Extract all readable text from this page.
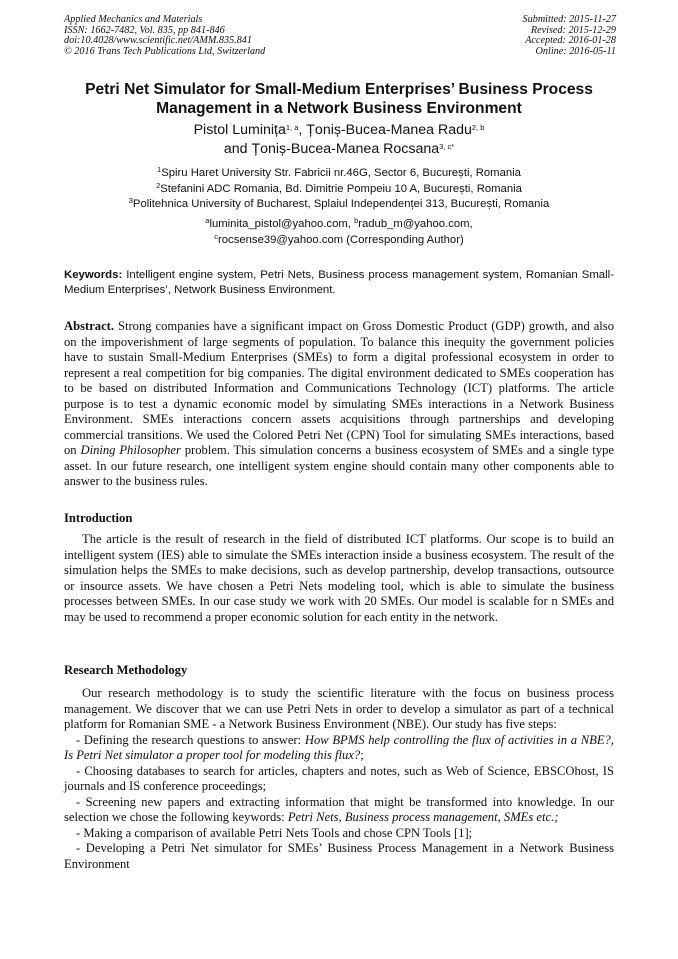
Applied Mechanics and Materials
ISSN: 1662-7482, Vol. 835, pp 841-846
doi:10.4028/www.scientific.net/AMM.835.841
© 2016 Trans Tech Publications Ltd, Switzerland
Submitted: 2015-11-27
Revised: 2015-12-29
Accepted: 2016-01-28
Online: 2016-05-11
Petri Net Simulator for Small-Medium Enterprises’ Business Process
Management in a Network Business Environment
Pistol Luminița$^{1, a}$, Țoniș-Bucea-Manea Radu$^{2, b}$
and Țoniș-Bucea-Manea Rocsana$^{3, c*}$
$^1$Spiru Haret University Str. Fabricii nr.46G, Sector 6, București, Romania
$^2$Stefanini ADC Romania, Bd. Dimitrie Pompeiu 10 A, București, Romania
$^3$Politehnica University of Bucharest, Splaiul Independenței 313, București, Romania
$^a$luminita_pistol@yahoo.com, $^b$radub_m@yahoo.com,
$^c$rocsense39@yahoo.com (Corresponding Author)
Keywords: Intelligent engine system, Petri Nets, Business process management system, Romanian Small-Medium Enterprises’, Network Business Environment.
Abstract. Strong companies have a significant impact on Gross Domestic Product (GDP) growth, and also on the impoverishment of large segments of population. To balance this inequity the government policies have to sustain Small-Medium Enterprises (SMEs) to form a digital professional ecosystem in order to represent a real competition for big companies. The digital environment dedicated to SMEs cooperation has to be based on distributed Information and Communications Technology (ICT) platforms. The article purpose is to test a dynamic economic model by simulating SMEs interactions in a Network Business Environment. SMEs interactions concern assets acquisitions through partnerships and developing commercial transitions. We used the Colored Petri Net (CPN) Tool for simulating SMEs interactions, based on Dining Philosopher problem. This simulation concerns a business ecosystem of SMEs and a single type asset. In our future research, one intelligent system engine should contain many other components able to answer to the business rules.
Introduction
The article is the result of research in the field of distributed ICT platforms. Our scope is to build an intelligent system (IES) able to simulate the SMEs interaction inside a business ecosystem. The result of the simulation helps the SMEs to make decisions, such as develop partnership, develop transactions, outsource or insource assets. We have chosen a Petri Nets modeling tool, which is able to simulate the business processes between SMEs. In our case study we work with 20 SMEs. Our model is scalable for n SMEs and may be used to recommend a proper economic solution for each entity in the network.
Research Methodology

Our research methodology is to study the scientific literature with the focus on business process management. We discover that we can use Petri Nets in order to develop a simulator as part of a technical platform for Romanian SME - a Network Business Environment (NBE). Our study has five steps:

- Defining the research questions to answer: How BPMS help controlling the flux of activities in a NBE?, Is Petri Net simulator a proper tool for modeling this flux?;

- Choosing databases to search for articles, chapters and notes, such as Web of Science, EBSCOhost, IS journals and IS conference proceedings;

- Screening new papers and extracting information that might be transformed into knowledge. In our selection we chose the following keywords: Petri Nets, Business process management, SMEs etc.;

- Making a comparison of available Petri Nets Tools and chose CPN Tools [1];

- Developing a Petri Net simulator for SMEs’ Business Process Management in a Network Business Environment
